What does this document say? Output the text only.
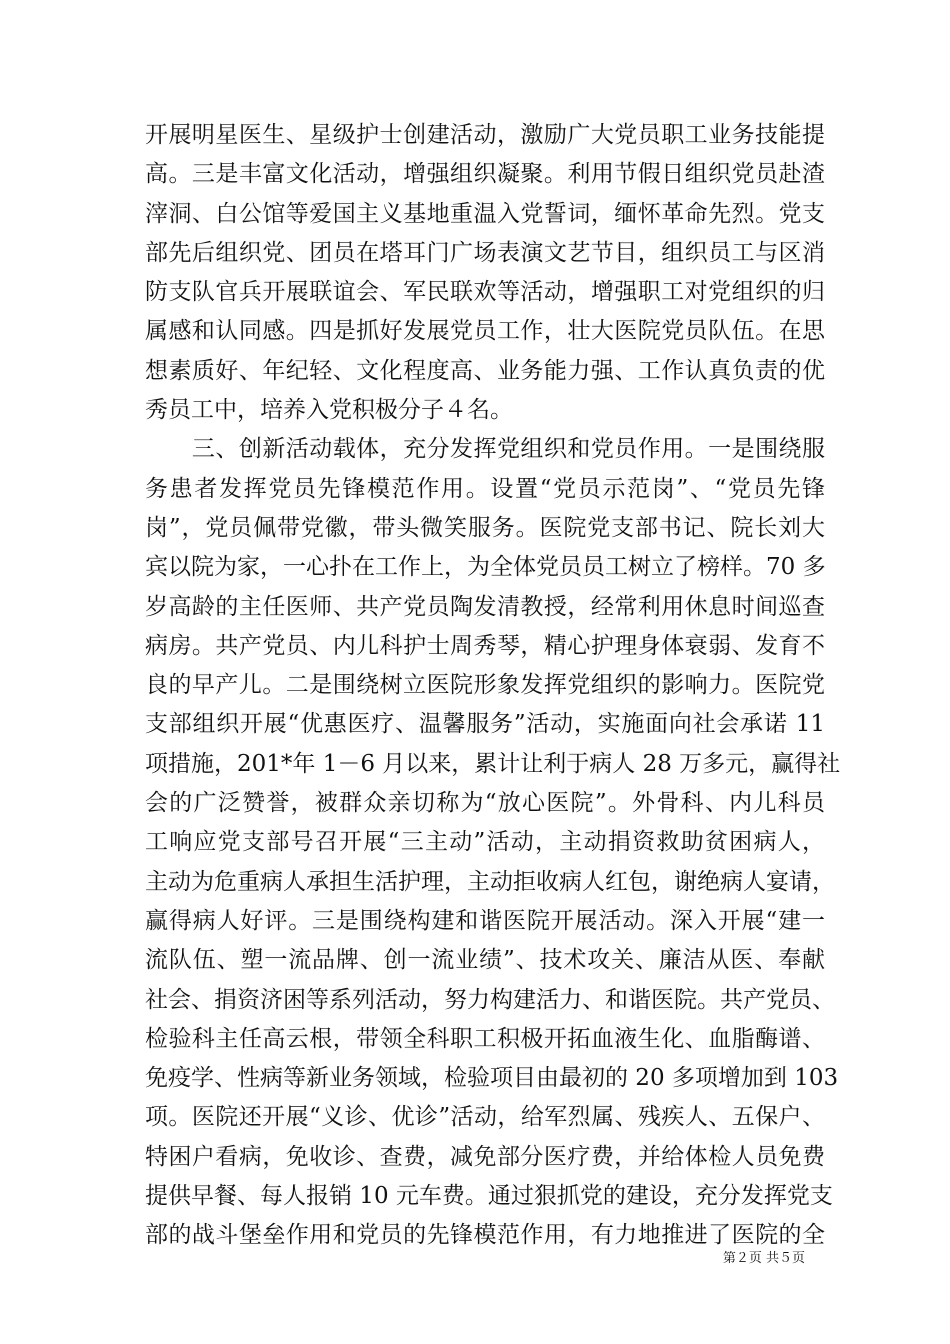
开展明星医生、星级护士创建活动，激励广大党员职工业务技能提
高。三是丰富文化活动，增强组织凝聚。利用节假日组织党员赴渣
滓洞、白公馆等爱国主义基地重温入党誓词，缅怀革命先烈。党支
部先后组织党、团员在塔耳门广场表演文艺节目，组织员工与区消
防支队官兵开展联谊会、军民联欢等活动，增强职工对党组织的归
属感和认同感。四是抓好发展党员工作，壮大医院党员队伍。在思
想素质好、年纪轻、文化程度高、业务能力强、工作认真负责的优
秀员工中，培养入党积极分子４名。
　　三、创新活动载体，充分发挥党组织和党员作用。一是围绕服
务患者发挥党员先锋模范作用。设置“党员示范岗”、“党员先锋
岗”，党员佩带党徽，带头微笑服务。医院党支部书记、院长刘大
宾以院为家，一心扑在工作上，为全体党员员工树立了榜样。70 多
岁高龄的主任医师、共产党员陶发清教授，经常利用休息时间巡查
病房。共产党员、内儿科护士周秀琴，精心护理身体衰弱、发育不
良的早产儿。二是围绕树立医院形象发挥党组织的影响力。医院党
支部组织开展“优惠医疗、温馨服务”活动，实施面向社会承诺 11
项措施，201*年 1－6 月以来，累计让利于病人 28 万多元，赢得社
会的广泛赞誉，被群众亲切称为“放心医院”。外骨科、内儿科员
工响应党支部号召开展“三主动”活动，主动捐资救助贫困病人，
主动为危重病人承担生活护理，主动拒收病人红包，谢绝病人宴请，
赢得病人好评。三是围绕构建和谐医院开展活动。深入开展“建一
流队伍、塑一流品牌、创一流业绩”、技术攻关、廉洁从医、奉献
社会、捐资济困等系列活动，努力构建活力、和谐医院。共产党员、
检验科主任高云根，带领全科职工积极开拓血液生化、血脂酶谱、
免疫学、性病等新业务领域，检验项目由最初的 20 多项增加到 103
项。医院还开展“义诊、优诊”活动，给军烈属、残疾人、五保户、
特困户看病，免收诊、查费，减免部分医疗费，并给体检人员免费
提供早餐、每人报销 10 元车费。通过狠抓党的建设，充分发挥党支
部的战斗堡垒作用和党员的先锋模范作用，有力地推进了医院的全
第２页 共５页
